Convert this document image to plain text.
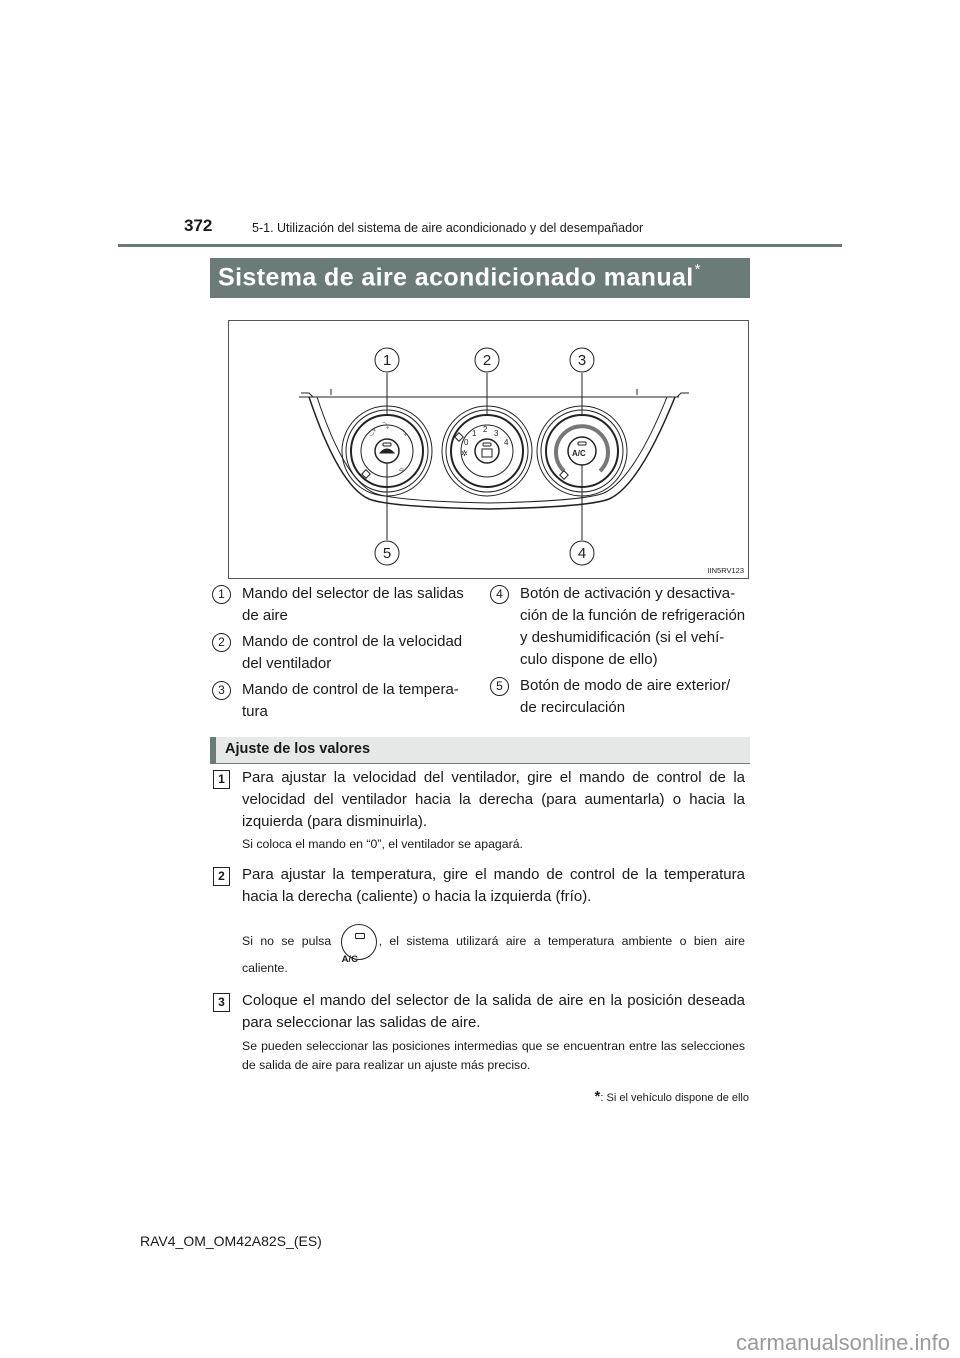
372	5-1. Utilización del sistema de aire acondicionado y del desempañador
Sistema de aire acondicionado manual*
⤴
⤵
⤵
⌓
0
1 2 3
4
✲	A/C
1	2	3
4
5
IIN5RV123
1	Mando del selector de las salidas
de aire
2	Mando de control de la velocidad
del ventilador
3	Mando de control de la tempera-
tura
4	Botón de activación y desactiva-
ción de la función de refrigeración
y deshumidificación (si el vehí-
culo dispone de ello)
5	Botón de modo de aire exterior/
de recirculación
Ajuste de los valores
1	Para ajustar la velocidad del ventilador, gire el mando de control de la velocidad del ventilador hacia la derecha (para aumentarla) o hacia la izquierda (para disminuirla).
Si coloca el mando en “0”, el ventilador se apagará.
2	Para ajustar la temperatura, gire el mando de control de la temperatura hacia la derecha (caliente) o hacia la izquierda (frío).
Si no se pulsa
A/C
, el sistema utilizará aire a temperatura ambiente o bien aire
caliente.
3	Coloque el mando del selector de la salida de aire en la posición deseada para seleccionar las salidas de aire.
Se pueden seleccionar las posiciones intermedias que se encuentran entre las selecciones de salida de aire para realizar un ajuste más preciso.
*: Si el vehículo dispone de ello
RAV4_OM_OM42A82S_(ES)
carmanualsonline.info
